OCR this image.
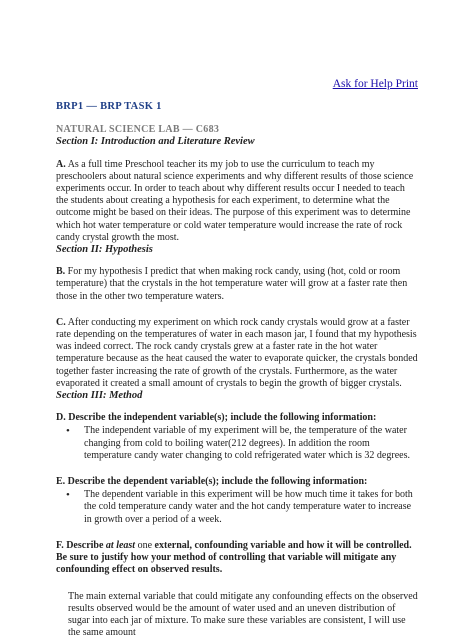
Ask for Help Print
BRP1 — BRP TASK 1
NATURAL SCIENCE LAB — C683
Section I: Introduction and Literature Review
A. As a full time Preschool teacher its my job to use the curriculum to teach my preschoolers about natural science experiments and why different results of those science experiments occur. In order to teach about why different results occur I needed to teach the students about creating a hypothesis for each experiment, to determine what the outcome might be based on their ideas. The purpose of this experiment was to determine which hot water temperature or cold water temperature would increase the rate of rock candy crystal growth the most.
Section II: Hypothesis
B. For my hypothesis I predict that when making rock candy, using (hot, cold or room temperature) that the crystals in the hot temperature water will grow at a faster rate then those in the other two temperature waters.
C. After conducting my experiment on which rock candy crystals would grow at a faster rate depending on the temperatures of water in each mason jar, I found that my hypothesis was indeed correct. The rock candy crystals grew at a faster rate in the hot water temperature because as the heat caused the water to evaporate quicker, the crystals bonded together faster increasing the rate of growth of the crystals. Furthermore, as the water evaporated it created a small amount of crystals to begin the growth of bigger crystals.
Section III: Method
D. Describe the independent variable(s); include the following information:
• The independent variable of my experiment will be, the temperature of the water changing from cold to boiling water(212 degrees). In addition the room temperature candy water changing to cold refrigerated water which is 32 degrees.
E. Describe the dependent variable(s); include the following information:
• The dependent variable in this experiment will be how much time it takes for both the cold temperature candy water and the hot candy temperature water to increase in growth over a period of a week.
F. Describe at least one external, confounding variable and how it will be controlled. Be sure to justify how your method of controlling that variable will mitigate any confounding effect on observed results.
The main external variable that could mitigate any confounding effects on the observed results observed would be the amount of water used and an uneven distribution of sugar into each jar of mixture. To make sure these variables are consistent, I will use the same amount
